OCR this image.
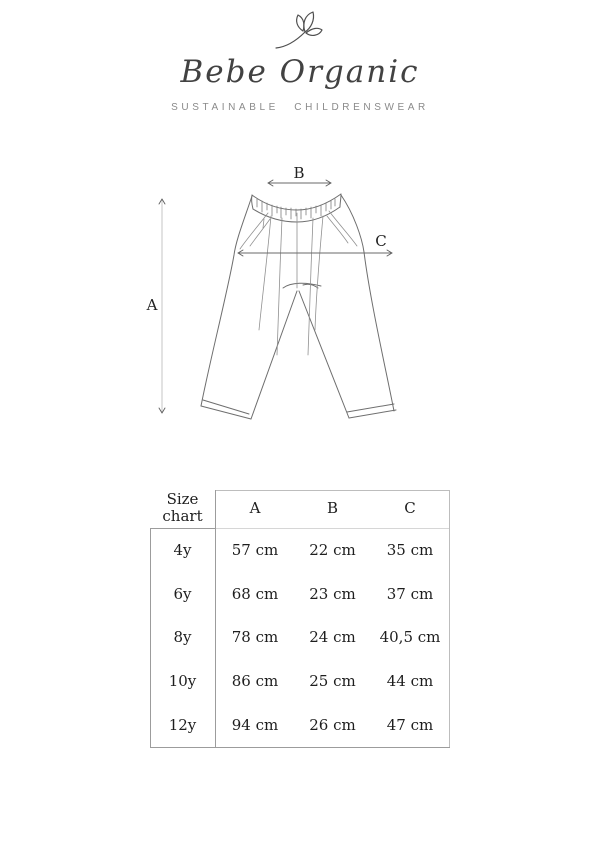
Bebe Organic
SUSTAINABLE CHILDRENSWEAR
A
B
C
Size chart	A	B	C
4y	57 cm	22 cm	35 cm
6y	68 cm	23 cm	37 cm
8y	78 cm	24 cm	40,5 cm
10y	86 cm	25 cm	44 cm
12y	94 cm	26 cm	47 cm
